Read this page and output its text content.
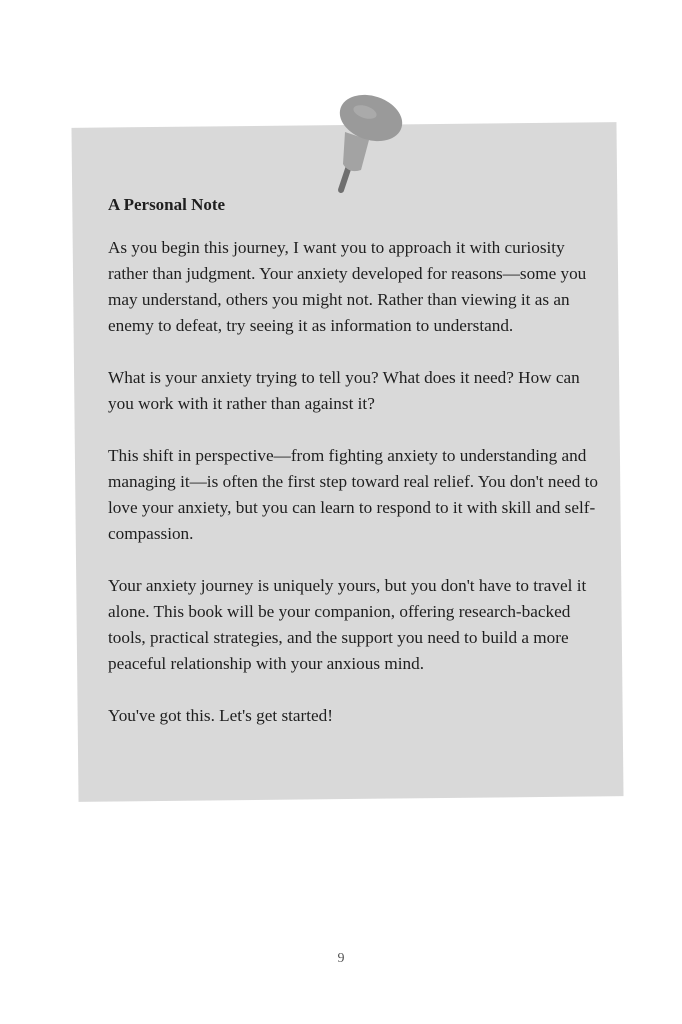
A Personal Note

As you begin this journey, I want you to approach it with curiosity rather than judgment. Your anxiety developed for reasons—some you may understand, others you might not. Rather than viewing it as an enemy to defeat, try seeing it as information to understand.

What is your anxiety trying to tell you? What does it need? How can you work with it rather than against it?

This shift in perspective—from fighting anxiety to understanding and managing it—is often the first step toward real relief. You don't need to love your anxiety, but you can learn to respond to it with skill and self-compassion.

Your anxiety journey is uniquely yours, but you don't have to travel it alone. This book will be your companion, offering research-backed tools, practical strategies, and the support you need to build a more peaceful relationship with your anxious mind.

You've got this. Let's get started!

9
